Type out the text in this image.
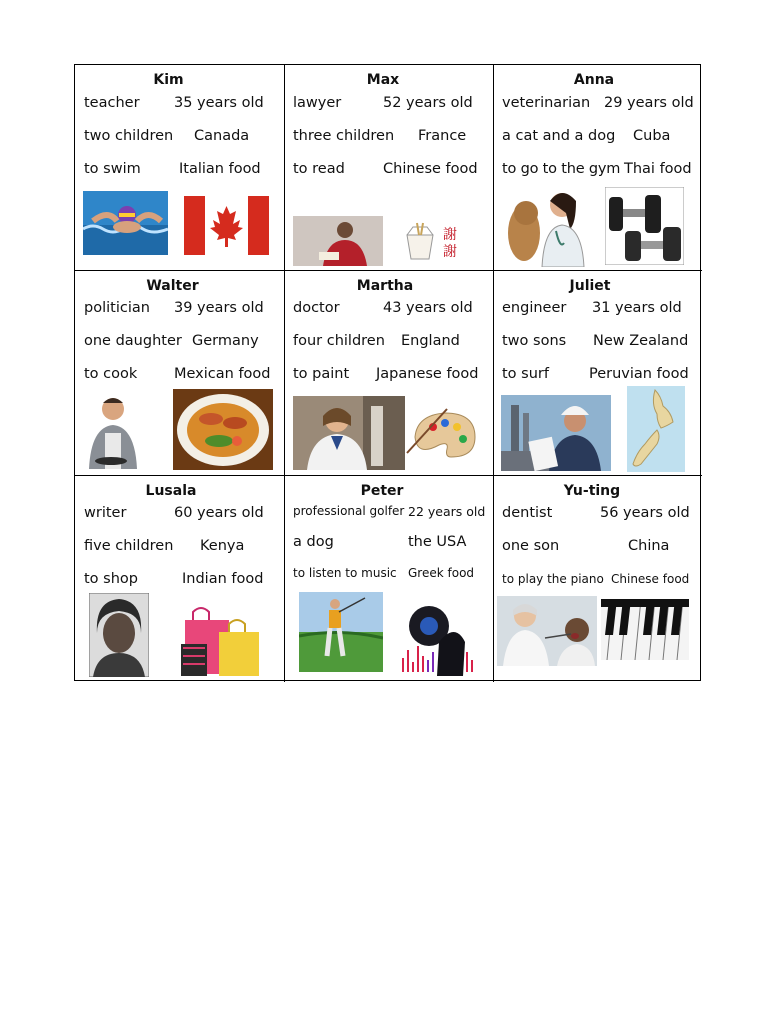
Kim
teacher 35 years old
two children Canada
to swim	Italian food
Max
lawyer	52 years old
three children France
to read	Chinese food
謝謝
Anna
veterinarian 29 years old
a cat and a dog Cuba
to go to the gym Thai food
Walter
politician 39 years old
one daughter Germany
to cook	Mexican food
Martha
doctor	43 years old
four children England
to paint Japanese food
Juliet
engineer 31 years old
two sons New Zealand
to surf	Peruvian food
Lusala
writer	60 years old
five children Kenya
to shop	Indian food
Peter
professional golfer 22 years old
a dog	the USA
to listen to music Greek food
Yu-ting
dentist	56 years old
one son	China
to play the piano Chinese food
